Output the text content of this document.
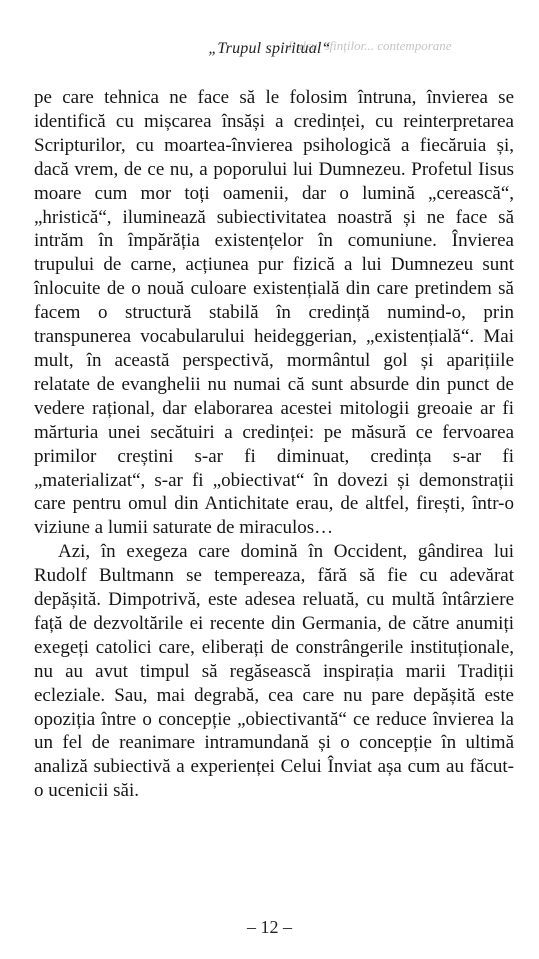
Pulsul sfinților... contemporane
„Trupul spiritual“

pe care tehnica ne face să le folosim întruna, învierea se identifică cu mișcarea însăși a credinței, cu reinterpretarea Scripturilor, cu moartea-învierea psihologică a fiecăruia și, dacă vrem, de ce nu, a poporului lui Dumnezeu. Profetul Iisus moare cum mor toți oamenii, dar o lumină „cerească“, „hristică“, iluminează subiectivitatea noastră și ne face să intrăm în împărăția existențelor în comuniune. Învierea trupului de carne, acțiunea pur fizică a lui Dumnezeu sunt înlocuite de o nouă culoare existențială din care pretindem să facem o structură stabilă în credință numind-o, prin transpunerea vocabularului heideggerian, „existențială“. Mai mult, în această perspectivă, mormântul gol și aparițiile relatate de evanghelii nu numai că sunt absurde din punct de vedere rațional, dar elaborarea acestei mitologii greoaie ar fi mărturia unei secătuiri a credinței: pe măsură ce fervoarea primilor creștini s-ar fi diminuat, credința s-ar fi „materializat“, s-ar fi „obiectivat“ în dovezi și demonstrații care pentru omul din Antichitate erau, de altfel, firești, într-o viziune a lumii saturate de miraculos…

Azi, în exegeza care domină în Occident, gândirea lui Rudolf Bultmann se tempereaza, fără să fie cu adevărat depășită. Dimpotrivă, este adesea reluată, cu multă întârziere față de dezvoltările ei recente din Germania, de către anumiți exegeți catolici care, eliberați de constrângerile instituționale, nu au avut timpul să regăsească inspirația marii Tradiții ecleziale. Sau, mai degrabă, cea care nu pare depășită este opoziția între o concepție „obiectivantă“ ce reduce învierea la un fel de reanimare intramundană și o concepție în ultimă analiză subiectivă a experienței Celui Înviat așa cum au făcut-o ucenicii săi.

– 12 –
